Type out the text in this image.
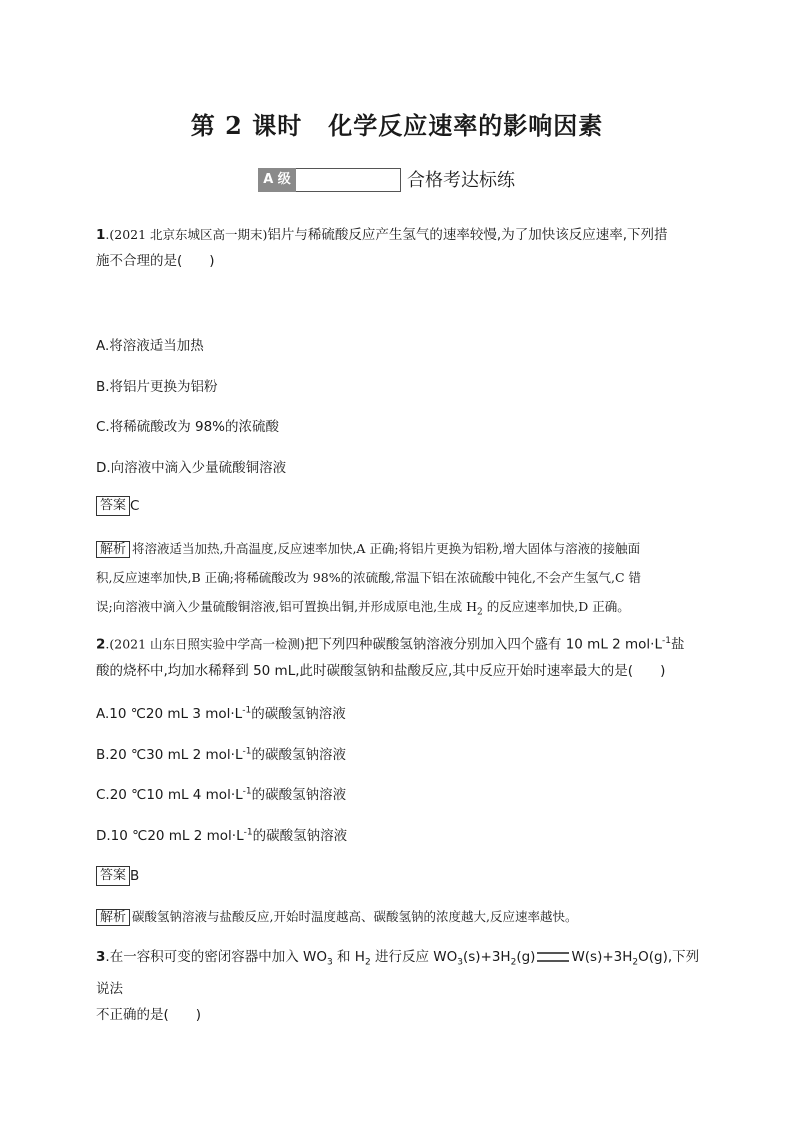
第 2 课时 化学反应速率的影响因素
A 级	合格考达标练
1.(2021 北京东城区高一期末)铝片与稀硫酸反应产生氢气的速率较慢,为了加快该反应速率,下列措
施不合理的是(　　)
A.将溶液适当加热
B.将铝片更换为铝粉
C.将稀硫酸改为 98%的浓硫酸
D.向溶液中滴入少量硫酸铜溶液
答案 C
解析 将溶液适当加热,升高温度,反应速率加快,A 正确;将铝片更换为铝粉,增大固体与溶液的接触面
积,反应速率加快,B 正确;将稀硫酸改为 98%的浓硫酸,常温下铝在浓硫酸中钝化,不会产生氢气,C 错
误;向溶液中滴入少量硫酸铜溶液,铝可置换出铜,并形成原电池,生成 $H_2$ 的反应速率加快,D 正确。
2.(2021 山东日照实验中学高一检测)把下列四种碳酸氢钠溶液分别加入四个盛有 10 mL 2 $mol\cdot L^{-1}$盐
酸的烧杯中,均加水稀释到 50 mL,此时碳酸氢钠和盐酸反应,其中反应开始时速率最大的是(　　)
A.10 ℃20 mL 3 $mol\cdot L^{-1}$的碳酸氢钠溶液
B.20 ℃30 mL 2 $mol\cdot L^{-1}$的碳酸氢钠溶液
C.20 ℃10 mL 4 $mol\cdot L^{-1}$的碳酸氢钠溶液
D.10 ℃20 mL 2 $mol\cdot L^{-1}$的碳酸氢钠溶液
答案 B
解析 碳酸氢钠溶液与盐酸反应,开始时温度越高、碳酸氢钠的浓度越大,反应速率越快。
3.在一容积可变的密闭容器中加入 $WO_3$ 和 $H_2$ 进行反应 $WO_3(s)+3H_2(g)$	$W(s)+3H_2O(g)$,下列说法
不正确的是(　　)
